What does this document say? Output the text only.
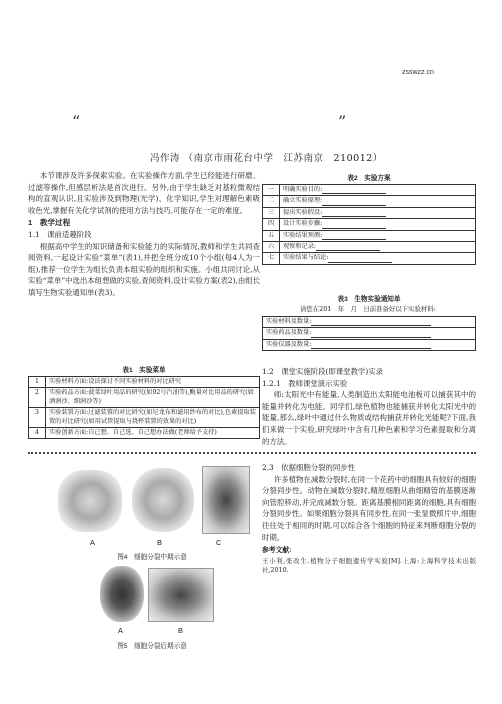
zsswzz.cn
“	”
冯作涛 （南京市雨花台中学　江苏南京　210012）

本节课涉及许多探索实验。在实验操作方面,学生已经能进行研磨、过滤等操作,但感层析法是首次进行。另外,由于学生缺乏对基粒微观结构的直观认识,且实验涉及到物理(光学)、化学知识,学生对理解色素吸收色光,掌握有关化学试剂的使用方法与技巧,可能存在一定的难度。

1　教学过程
1.1　课前适趣阶段

根据高中学生的知识储备和实验能力的实际情况,教师和学生共同查阅资料,一起设计实验“菜单”(表1),并把全班分成10个小组(每4人为一组),推荐一位学生为组长负责本组实验的组织和实施。小组共同讨论,从实验“菜单”中选出本组想做的实验,查阅资料,设计实验方案(表2),由组长填写生物实验通知单(表3)。

表1　实验菜单
1	实验材料方面:设法探讨不同实验材料的对比研究
2	实验药品方面:菠菜绿叶用品的研究(如92号汽油等),酶量对比用品的研究(如酒润沙、细润沙等)
3	实验装置方面:过滤装置的对比研究(如尼龙布和滤用纱布的对比),色素提取装置的对比研究(如用试管提取与烧杯装置的效果的对比)
4	实验创新方面:自己想、自己选、自己想办法做(老师给予支持)
表2　实验方案
一	明确实验目的:
二	确立实验原理:
三	提出实验假设:
四	设计实验步骤:
五	实验结果预测:
六	观察和记录:
七	实验结果与结论:
表3　生物实验通知单
请您在201　年　月　日前准备好以下实验材料:
实验材料及数量:
实验药品及数量:
实验仪器及数量:
1.2　课堂实施阶段(即课堂教学)实录
1.2.1　教师课堂演示实验

师:太阳光中有能量,人类制造出太阳能电池板可以捕获其中的能量并转化为电能。同学们,绿色植物也能捕获并转化太阳光中的能量,那么,绿叶中通过什么物质或结构捕获并转化光能呢?下面,我们来做一个实验,研究绿叶中含有几种色素和学习色素提取和分离的方法。

A	B	C
图4　细胞分裂中期示意
A	B
图5　细胞分裂后期示意
2.3　依据细胞分裂的同步性

许多植物在减数分裂时,在同一个花药中的细胞具有较好的细胞分裂同步性。动物在减数分裂时,精原细胞从曲细精管的基膜逐渐向管腔移动,并完成减数分裂。距离基膜相同距离的细胞,具有细胞分裂同步性。如果细胞分裂具有同步性,在同一张显微照片中,细胞往往处于相同的时期,可以综合各个细胞的特征来判断细胞分裂的时期。

参考文献:
王小利,张改生.植物分子细胞遗传学实验[M].上海:上海科学技术出版社,2010.
